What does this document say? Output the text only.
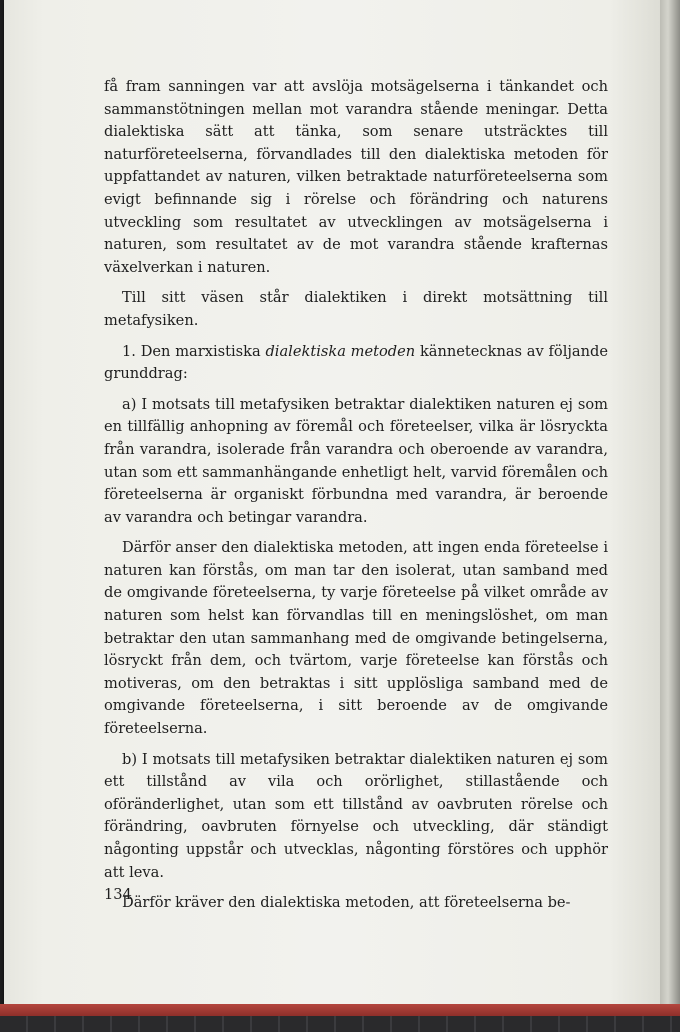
få fram sanningen var att avslöja motsägelserna i tänkandet och sammanstötningen mellan mot varandra stående meningar. Detta dialektiska sätt att tänka, som senare utsträcktes till naturföreteelserna, förvandlades till den dialektiska metoden för uppfattandet av naturen, vilken betraktade naturföreteelserna som evigt befinnande sig i rörelse och förändring och naturens utveckling som resultatet av utvecklingen av motsägelserna i naturen, som resultatet av de mot varandra stående krafternas växelverkan i naturen.

Till sitt väsen står dialektiken i direkt motsättning till metafysiken.

1. Den marxistiska dialektiska metoden kännetecknas av följande grunddrag:

a) I motsats till metafysiken betraktar dialektiken naturen ej som en tillfällig anhopning av föremål och företeelser, vilka är lösryckta från varandra, isolerade från varandra och oberoende av varandra, utan som ett sammanhängande enhetligt helt, varvid föremålen och företeelserna är organiskt förbundna med varandra, är beroende av varandra och betingar varandra.

Därför anser den dialektiska metoden, att ingen enda företeelse i naturen kan förstås, om man tar den isolerat, utan samband med de omgivande företeelserna, ty varje företeelse på vilket område av naturen som helst kan förvandlas till en meningslöshet, om man betraktar den utan sammanhang med de omgivande betingelserna, lösryckt från dem, och tvärtom, varje företeelse kan förstås och motiveras, om den betraktas i sitt upplösliga samband med de omgivande företeelserna, i sitt beroende av de omgivande företeelserna.

b) I motsats till metafysiken betraktar dialektiken naturen ej som ett tillstånd av vila och orörlighet, stillastående och oföränderlighet, utan som ett tillstånd av oavbruten rörelse och förändring, oavbruten förnyelse och utveckling, där ständigt någonting uppstår och utvecklas, någonting förstöres och upphör att leva.

Därför kräver den dialektiska metoden, att företeelserna be-

134
